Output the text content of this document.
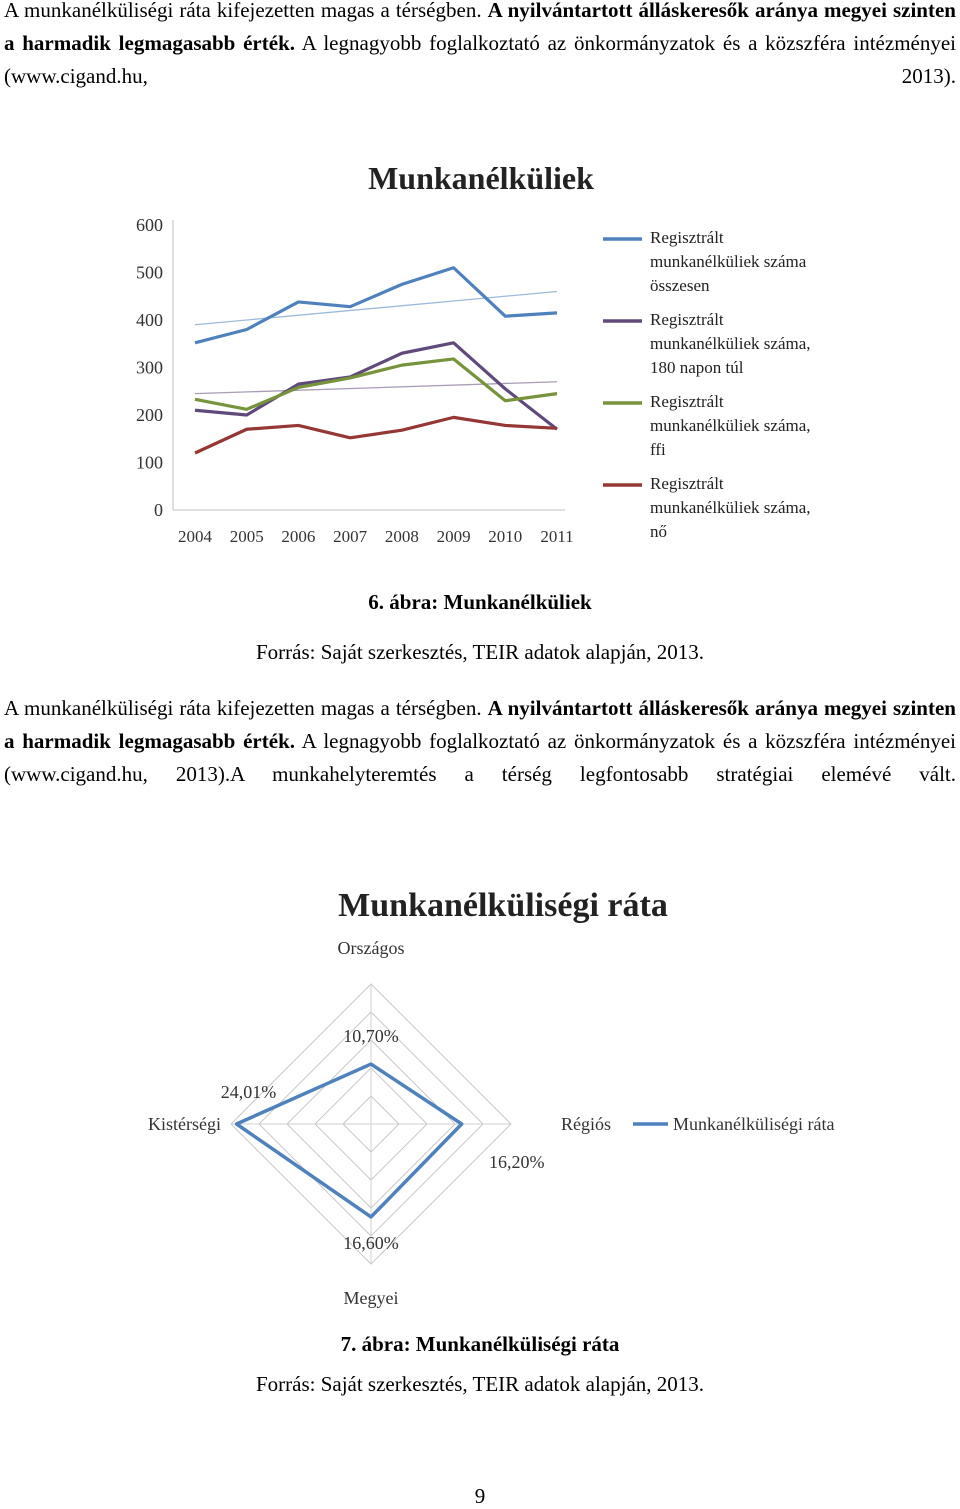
A munkanélküliségi ráta kifejezetten magas a térségben. A nyilvántartott álláskeresők aránya megyei szinten a harmadik legmagasabb érték. A legnagyobb foglalkoztató az önkormányzatok és a közszféra intézményei (www.cigand.hu, 2013).

Munkanélküliek
0
100
200
300
400
500
600
2004 2005 2006 2007 2008 2009 2010 2011
Regisztrált munkanélküliek száma összesen
Regisztrált munkanélküliek száma, 180 napon túl
Regisztrált munkanélküliek száma, ffi
Regisztrált munkanélküliek száma, nő

6. ábra: Munkanélküliek

Forrás: Saját szerkesztés, TEIR adatok alapján, 2013.

A munkanélküliségi ráta kifejezetten magas a térségben. A nyilvántartott álláskeresők aránya megyei szinten a harmadik legmagasabb érték. A legnagyobb foglalkoztató az önkormányzatok és a közszféra intézményei (www.cigand.hu, 2013).A munkahelyteremtés a térség legfontosabb stratégiai elemévé vált.

Munkanélküliségi ráta
Országos
10,70%
Régiós
16,20%
Megyei
16,60%
Kistérségi
24,01%
Munkanélküliségi ráta

7. ábra: Munkanélküliségi ráta

Forrás: Saját szerkesztés, TEIR adatok alapján, 2013.

9
